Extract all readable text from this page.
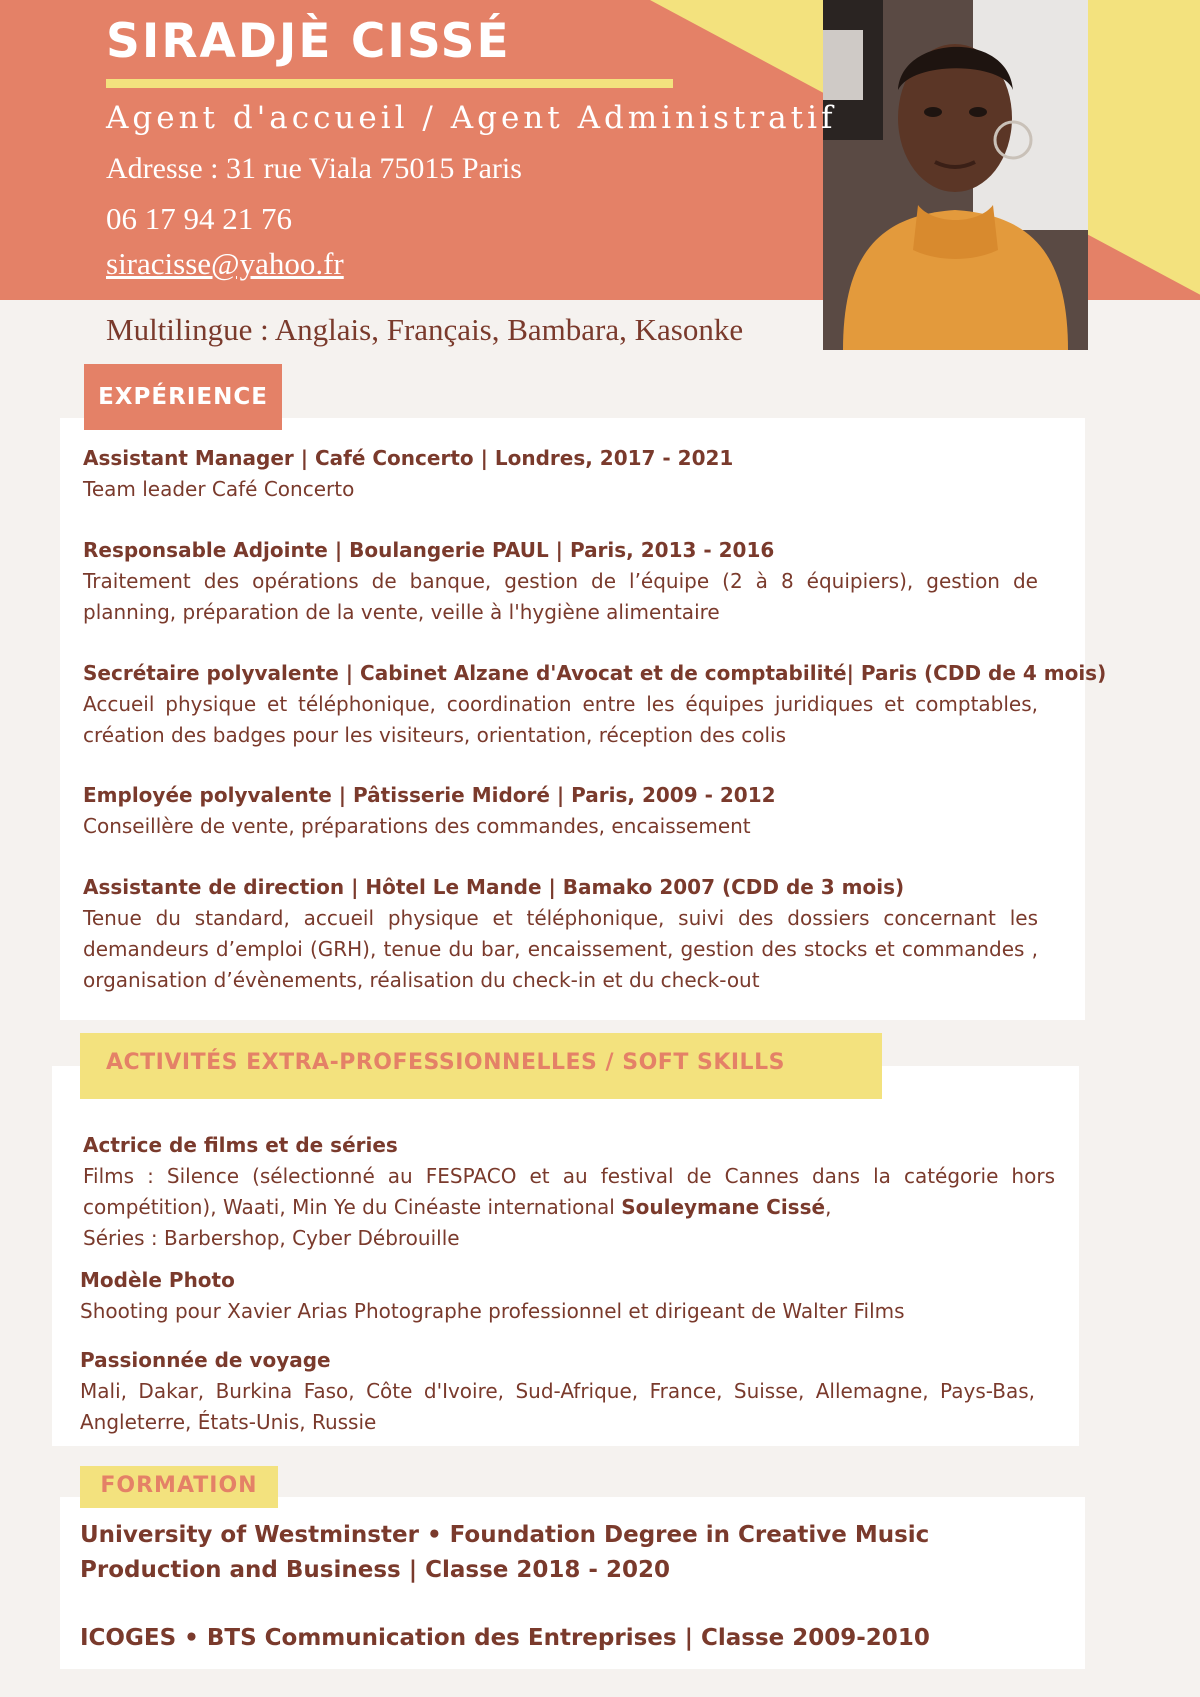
SIRADJÈ CISSÉ
Agent d'accueil / Agent Administratif
Adresse : 31 rue Viala 75015 Paris
06 17 94 21 76
siracisse@yahoo.fr
Multilingue : Anglais, Français, Bambara, Kasonke
EXPÉRIENCE
Assistant Manager | Café Concerto | Londres, 2017 - 2021
Team leader Café Concerto
Responsable Adjointe | Boulangerie PAUL | Paris, 2013 - 2016
Traitement des opérations de banque, gestion de l’équipe (2 à 8 équipiers), gestion de planning, préparation de la vente, veille à l'hygiène alimentaire
Secrétaire polyvalente | Cabinet Alzane d'Avocat et de comptabilité| Paris (CDD de 4 mois)
Accueil physique et téléphonique, coordination entre les équipes juridiques et comptables, création des badges pour les visiteurs, orientation, réception des colis
Employée polyvalente | Pâtisserie Midoré | Paris, 2009 - 2012
Conseillère de vente, préparations des commandes, encaissement
Assistante de direction | Hôtel Le Mande | Bamako 2007 (CDD de 3 mois)
Tenue du standard, accueil physique et téléphonique, suivi des dossiers concernant les demandeurs d’emploi (GRH), tenue du bar, encaissement, gestion des stocks et commandes , organisation d’évènements, réalisation du check-in et du check-out
ACTIVITÉS EXTRA-PROFESSIONNELLES / SOFT SKILLS
Actrice de films et de séries
Films : Silence (sélectionné au FESPACO et au festival de Cannes dans la catégorie hors compétition), Waati, Min Ye du Cinéaste international Souleymane Cissé,
Séries : Barbershop, Cyber Débrouille
Modèle Photo
Shooting pour Xavier Arias Photographe professionnel et dirigeant de Walter Films
Passionnée de voyage
Mali, Dakar, Burkina Faso, Côte d'Ivoire, Sud-Afrique, France, Suisse, Allemagne, Pays-Bas, Angleterre, États-Unis, Russie
FORMATION
University of Westminster • Foundation Degree in Creative Music Production and Business | Classe 2018 - 2020
ICOGES • BTS Communication des Entreprises | Classe 2009-2010
